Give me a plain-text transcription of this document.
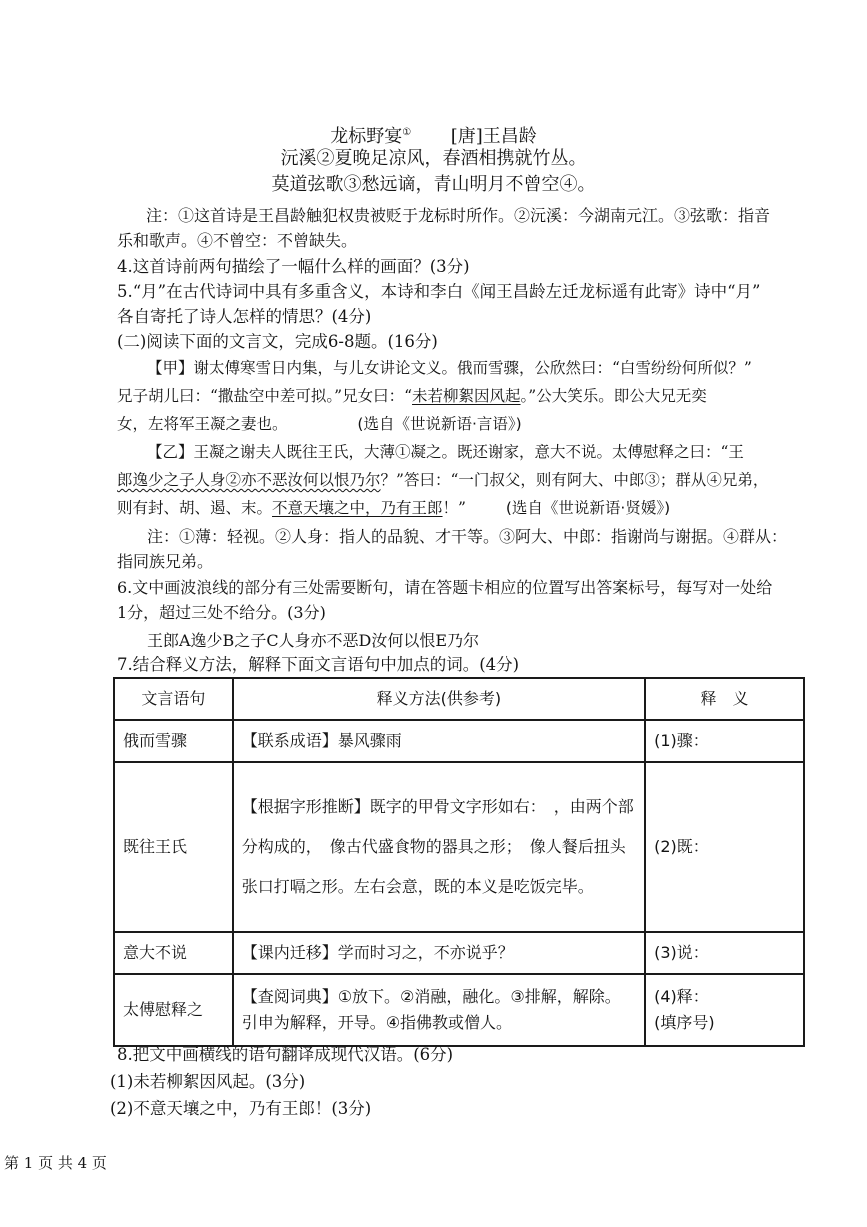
龙标野宴① [唐]王昌龄
沅溪②夏晚足凉风，春酒相携就竹丛。
莫道弦歌③愁远谪，青山明月不曾空④。
注：①这首诗是王昌龄触犯权贵被贬于龙标时所作。②沅溪：今湖南元江。③弦歌：指音
乐和歌声。④不曾空：不曾缺失。
4.这首诗前两句描绘了一幅什么样的画面？(3分)
5.“月”在古代诗词中具有多重含义，本诗和李白《闻王昌龄左迁龙标遥有此寄》诗中“月”
各自寄托了诗人怎样的情思？(4分)
(二)阅读下面的文言文，完成6-8题。(16分)
【甲】谢太傅寒雪日内集，与儿女讲论文义。俄而雪骤，公欣然曰：“白雪纷纷何所似？”
兄子胡儿曰：“撒盐空中差可拟。”兄女曰：“未若柳絮因风起。”公大笑乐。即公大兄无奕
女，左将军王凝之妻也。	(选自《世说新语·言语》)
【乙】王凝之谢夫人既往王氏，大薄①凝之。既还谢家，意大不说。太傅慰释之曰：“王
郎逸少之子人身②亦不恶汝何以恨乃尔？”答曰：“一门叔父，则有阿大、中郎③；群从④兄弟，
则有封、胡、遏、末。不意天壤之中，乃有王郎！”	(选自《世说新语·贤媛》)
注：①薄：轻视。②人身：指人的品貌、才干等。③阿大、中郎：指谢尚与谢据。④群从：
指同族兄弟。
6.文中画波浪线的部分有三处需要断句，请在答题卡相应的位置写出答案标号，每写对一处给
1分，超过三处不给分。(3分)
王郎A逸少B之子C人身亦不恶D汝何以恨E乃尔
7.结合释义方法，解释下面文言语句中加点的词。(4分)
文言语句	释义方法(供参考)	释　义
俄而雪骤	【联系成语】暴风骤雨	(1)骤：
既往王氏	【根据字形推断】既字的甲骨文字形如右：　，由两个部分构成的，　像古代盛食物的器具之形；　像人餐后扭头张口打嗝之形。左右会意，既的本义是吃饭完毕。	(2)既：
意大不说	【课内迁移】学而时习之，不亦说乎？	(3)说：
太傅慰释之	【查阅词典】①放下。②消融，融化。③排解，解除。引申为解释，开导。④指佛教或僧人。	(4)释：
(填序号)
8.把文中画横线的语句翻译成现代汉语。(6分)
(1)未若柳絮因风起。(3分)
(2)不意天壤之中，乃有王郎！(3分)
第 1 页 共 4 页
